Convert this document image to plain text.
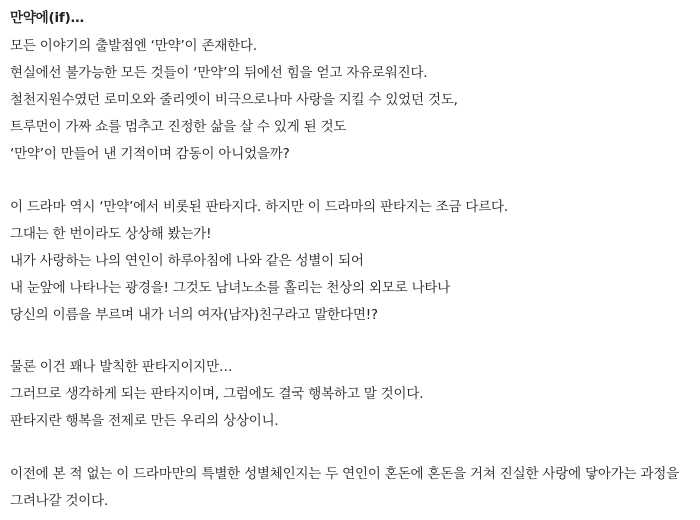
만약에(if)…
모든 이야기의 출발점엔 ‘만약’이 존재한다.
현실에선 불가능한 모든 것들이 ‘만약’의 뒤에선 힘을 얻고 자유로워진다.
철천지원수였던 로미오와 줄리엣이 비극으로나마 사랑을 지킬 수 있었던 것도,
트루먼이 가짜 쇼를 멈추고 진정한 삶을 살 수 있게 된 것도
‘만약’이 만들어 낸 기적이며 감동이 아니었을까?
이 드라마 역시 ‘만약’에서 비롯된 판타지다. 하지만 이 드라마의 판타지는 조금 다르다.
그대는 한 번이라도 상상해 봤는가!
내가 사랑하는 나의 연인이 하루아침에 나와 같은 성별이 되어
내 눈앞에 나타나는 광경을! 그것도 남녀노소를 홀리는 천상의 외모로 나타나
당신의 이름을 부르며 내가 너의 여자(남자)친구라고 말한다면!?
물론 이건 꽤나 발칙한 판타지이지만…
그러므로 생각하게 되는 판타지이며, 그럼에도 결국 행복하고 말 것이다.
판타지란 행복을 전제로 만든 우리의 상상이니.
이전에 본 적 없는 이 드라마만의 특별한 성별체인지는 두 연인이 혼돈에 혼돈을 거쳐 진실한 사랑에 닿아가는 과정을
그려나갈 것이다.
